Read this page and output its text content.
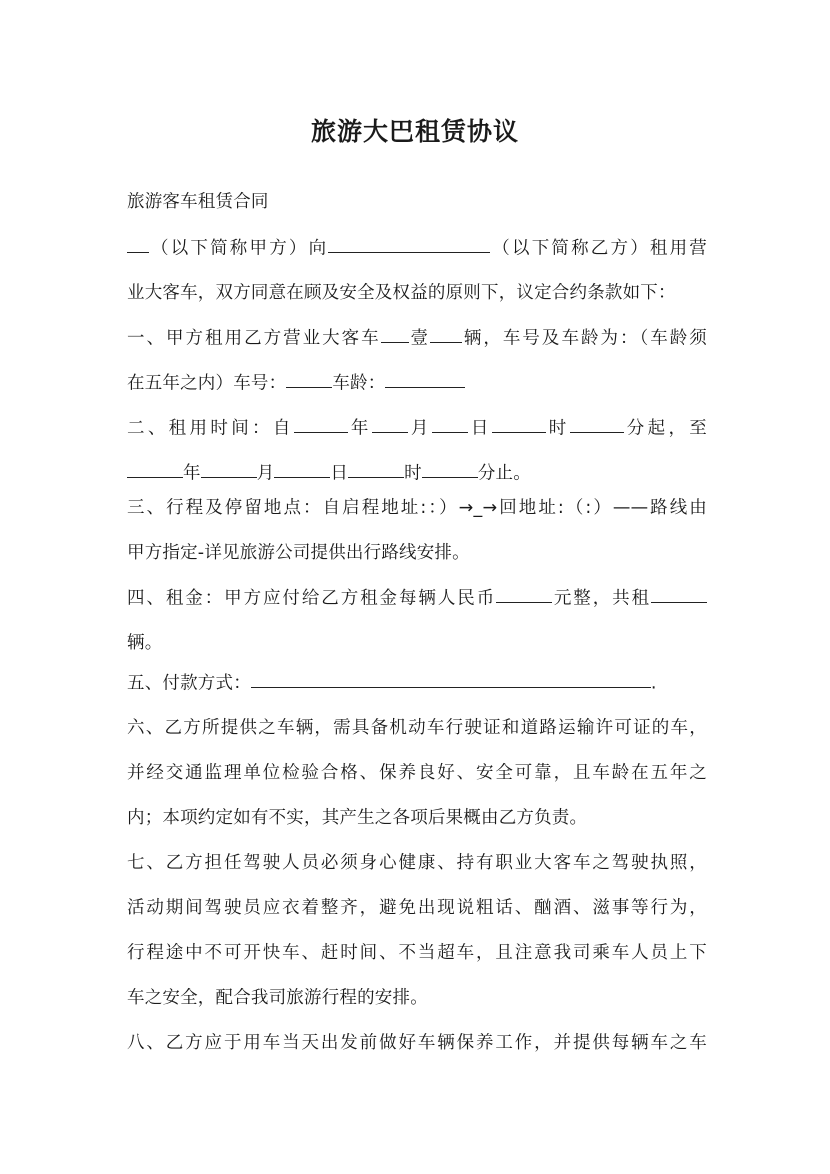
旅游大巴租赁协议
旅游客车租赁合同
（以下简称甲方）向	（以下简称乙方）租用营
业大客车，双方同意在顾及安全及权益的原则下，议定合约条款如下：
一、甲方租用乙方营业大客车 壹 辆，车号及车龄为：（车龄须
在五年之内）车号：	车龄：
二、租用时间：自	年 月 日	时	分起，至
年	月	日	时	分止。
三、行程及停留地点：自启程地址:：）→_→回地址:（:）——路线由
甲方指定-详见旅游公司提供出行路线安排。
四、租金：甲方应付给乙方租金每辆人民币	元整，共租
辆。
五、付款方式：	.
六、乙方所提供之车辆，需具备机动车行驶证和道路运输许可证的车，
并经交通监理单位检验合格、保养良好、安全可靠，且车龄在五年之
内；本项约定如有不实，其产生之各项后果概由乙方负责。
七、乙方担任驾驶人员必须身心健康、持有职业大客车之驾驶执照，
活动期间驾驶员应衣着整齐，避免出现说粗话、酗酒、滋事等行为，
行程途中不可开快车、赶时间、不当超车，且注意我司乘车人员上下
车之安全，配合我司旅游行程的安排。
八、乙方应于用车当天出发前做好车辆保养工作，并提供每辆车之车
